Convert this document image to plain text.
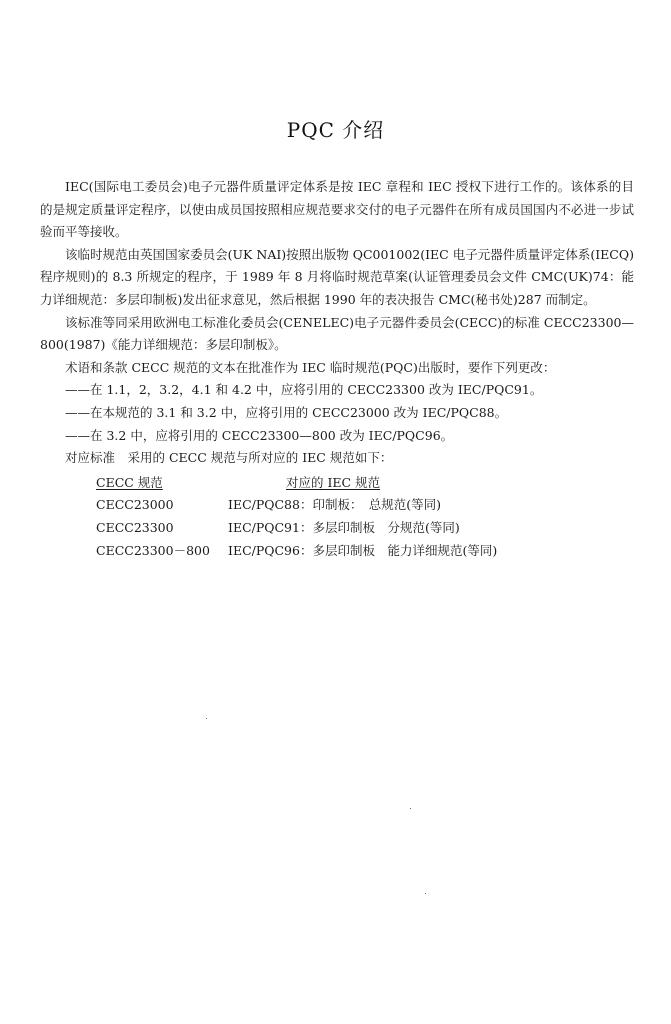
PQC 介绍

IEC(国际电工委员会)电子元器件质量评定体系是按 IEC 章程和 IEC 授权下进行工作的。该体系的目的是规定质量评定程序，以使由成员国按照相应规范要求交付的电子元器件在所有成员国国内不必进一步试验而平等接收。

该临时规范由英国国家委员会(UK NAI)按照出版物 QC001002(IEC 电子元器件质量评定体系(IECQ)程序规则)的 8.3 所规定的程序，于 1989 年 8 月将临时规范草案(认证管理委员会文件 CMC(UK)74：能力详细规范：多层印制板)发出征求意见，然后根据 1990 年的表决报告 CMC(秘书处)287 而制定。

该标准等同采用欧洲电工标准化委员会(CENELEC)电子元器件委员会(CECC)的标准 CECC23300—800(1987)《能力详细规范：多层印制板》。

术语和条款 CECC 规范的文本在批准作为 IEC 临时规范(PQC)出版时，要作下列更改：

——在 1.1，2，3.2，4.1 和 4.2 中，应将引用的 CECC23300 改为 IEC/PQC91。
——在本规范的 3.1 和 3.2 中，应将引用的 CECC23000 改为 IEC/PQC88。
——在 3.2 中，应将引用的 CECC23300—800 改为 IEC/PQC96。
对应标准　采用的 CECC 规范与所对应的 IEC 规范如下：
CECC 规范	对应的 IEC 规范
CECC23000	IEC/PQC88：印制板：　总规范(等同)
CECC23300	IEC/PQC91：多层印制板　分规范(等同)
CECC23300－800	IEC/PQC96：多层印制板　能力详细规范(等同)
